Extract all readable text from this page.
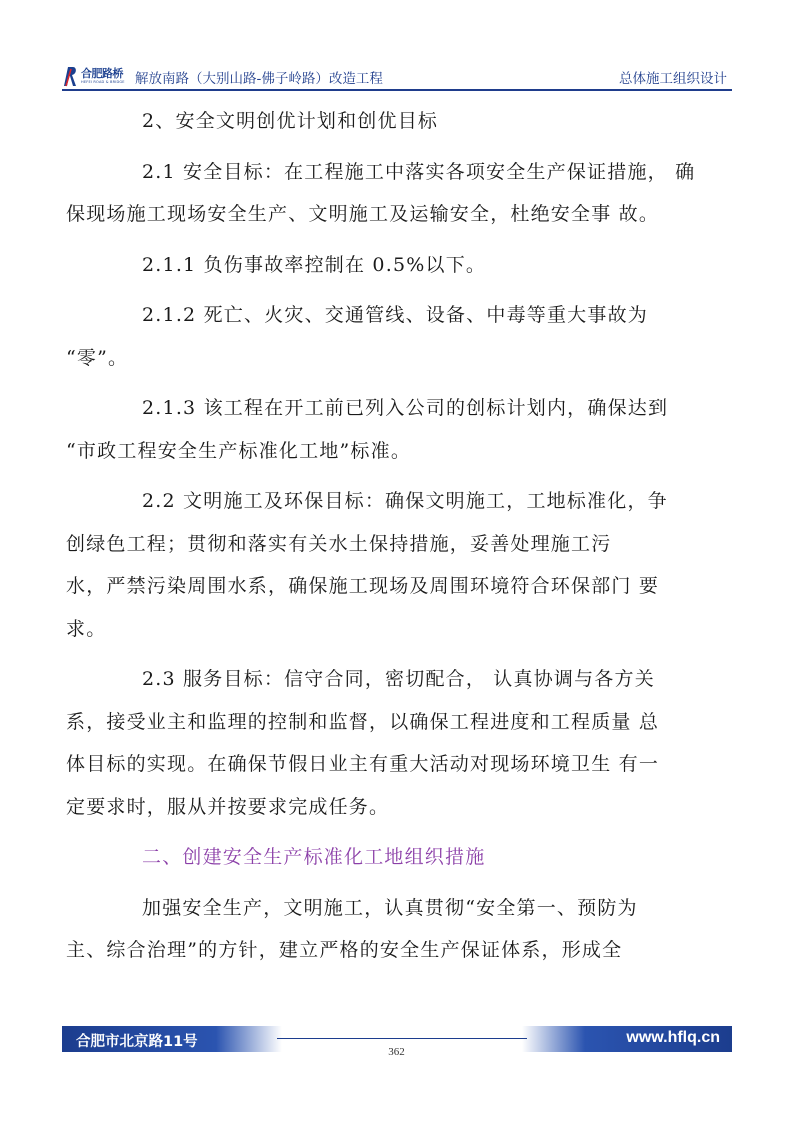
合肥路桥
HEFEI ROAD & BRIDGE 解放南路（大别山路-佛子岭路）改造工程	总体施工组织设计
2、安全文明创优计划和创优目标
2.1 安全目标：在工程施工中落实各项安全生产保证措施， 确
保现场施工现场安全生产、文明施工及运输安全，杜绝安全事 故。
2.1.1 负伤事故率控制在 0.5%以下。
2.1.2 死亡、火灾、交通管线、设备、中毒等重大事故为
“零”。
2.1.3 该工程在开工前已列入公司的创标计划内，确保达到
“市政工程安全生产标准化工地”标准。
2.2 文明施工及环保目标：确保文明施工，工地标准化，争
创绿色工程；贯彻和落实有关水土保持措施，妥善处理施工污
水，严禁污染周围水系，确保施工现场及周围环境符合环保部门 要
求。
2.3 服务目标：信守合同，密切配合， 认真协调与各方关
系，接受业主和监理的控制和监督，以确保工程进度和工程质量 总
体目标的实现。在确保节假日业主有重大活动对现场环境卫生 有一
定要求时，服从并按要求完成任务。
二、创建安全生产标准化工地组织措施
加强安全生产，文明施工，认真贯彻“安全第一、预防为
主、综合治理”的方针，建立严格的安全生产保证体系，形成全
合肥市北京路11号	www.hflq.cn
362
